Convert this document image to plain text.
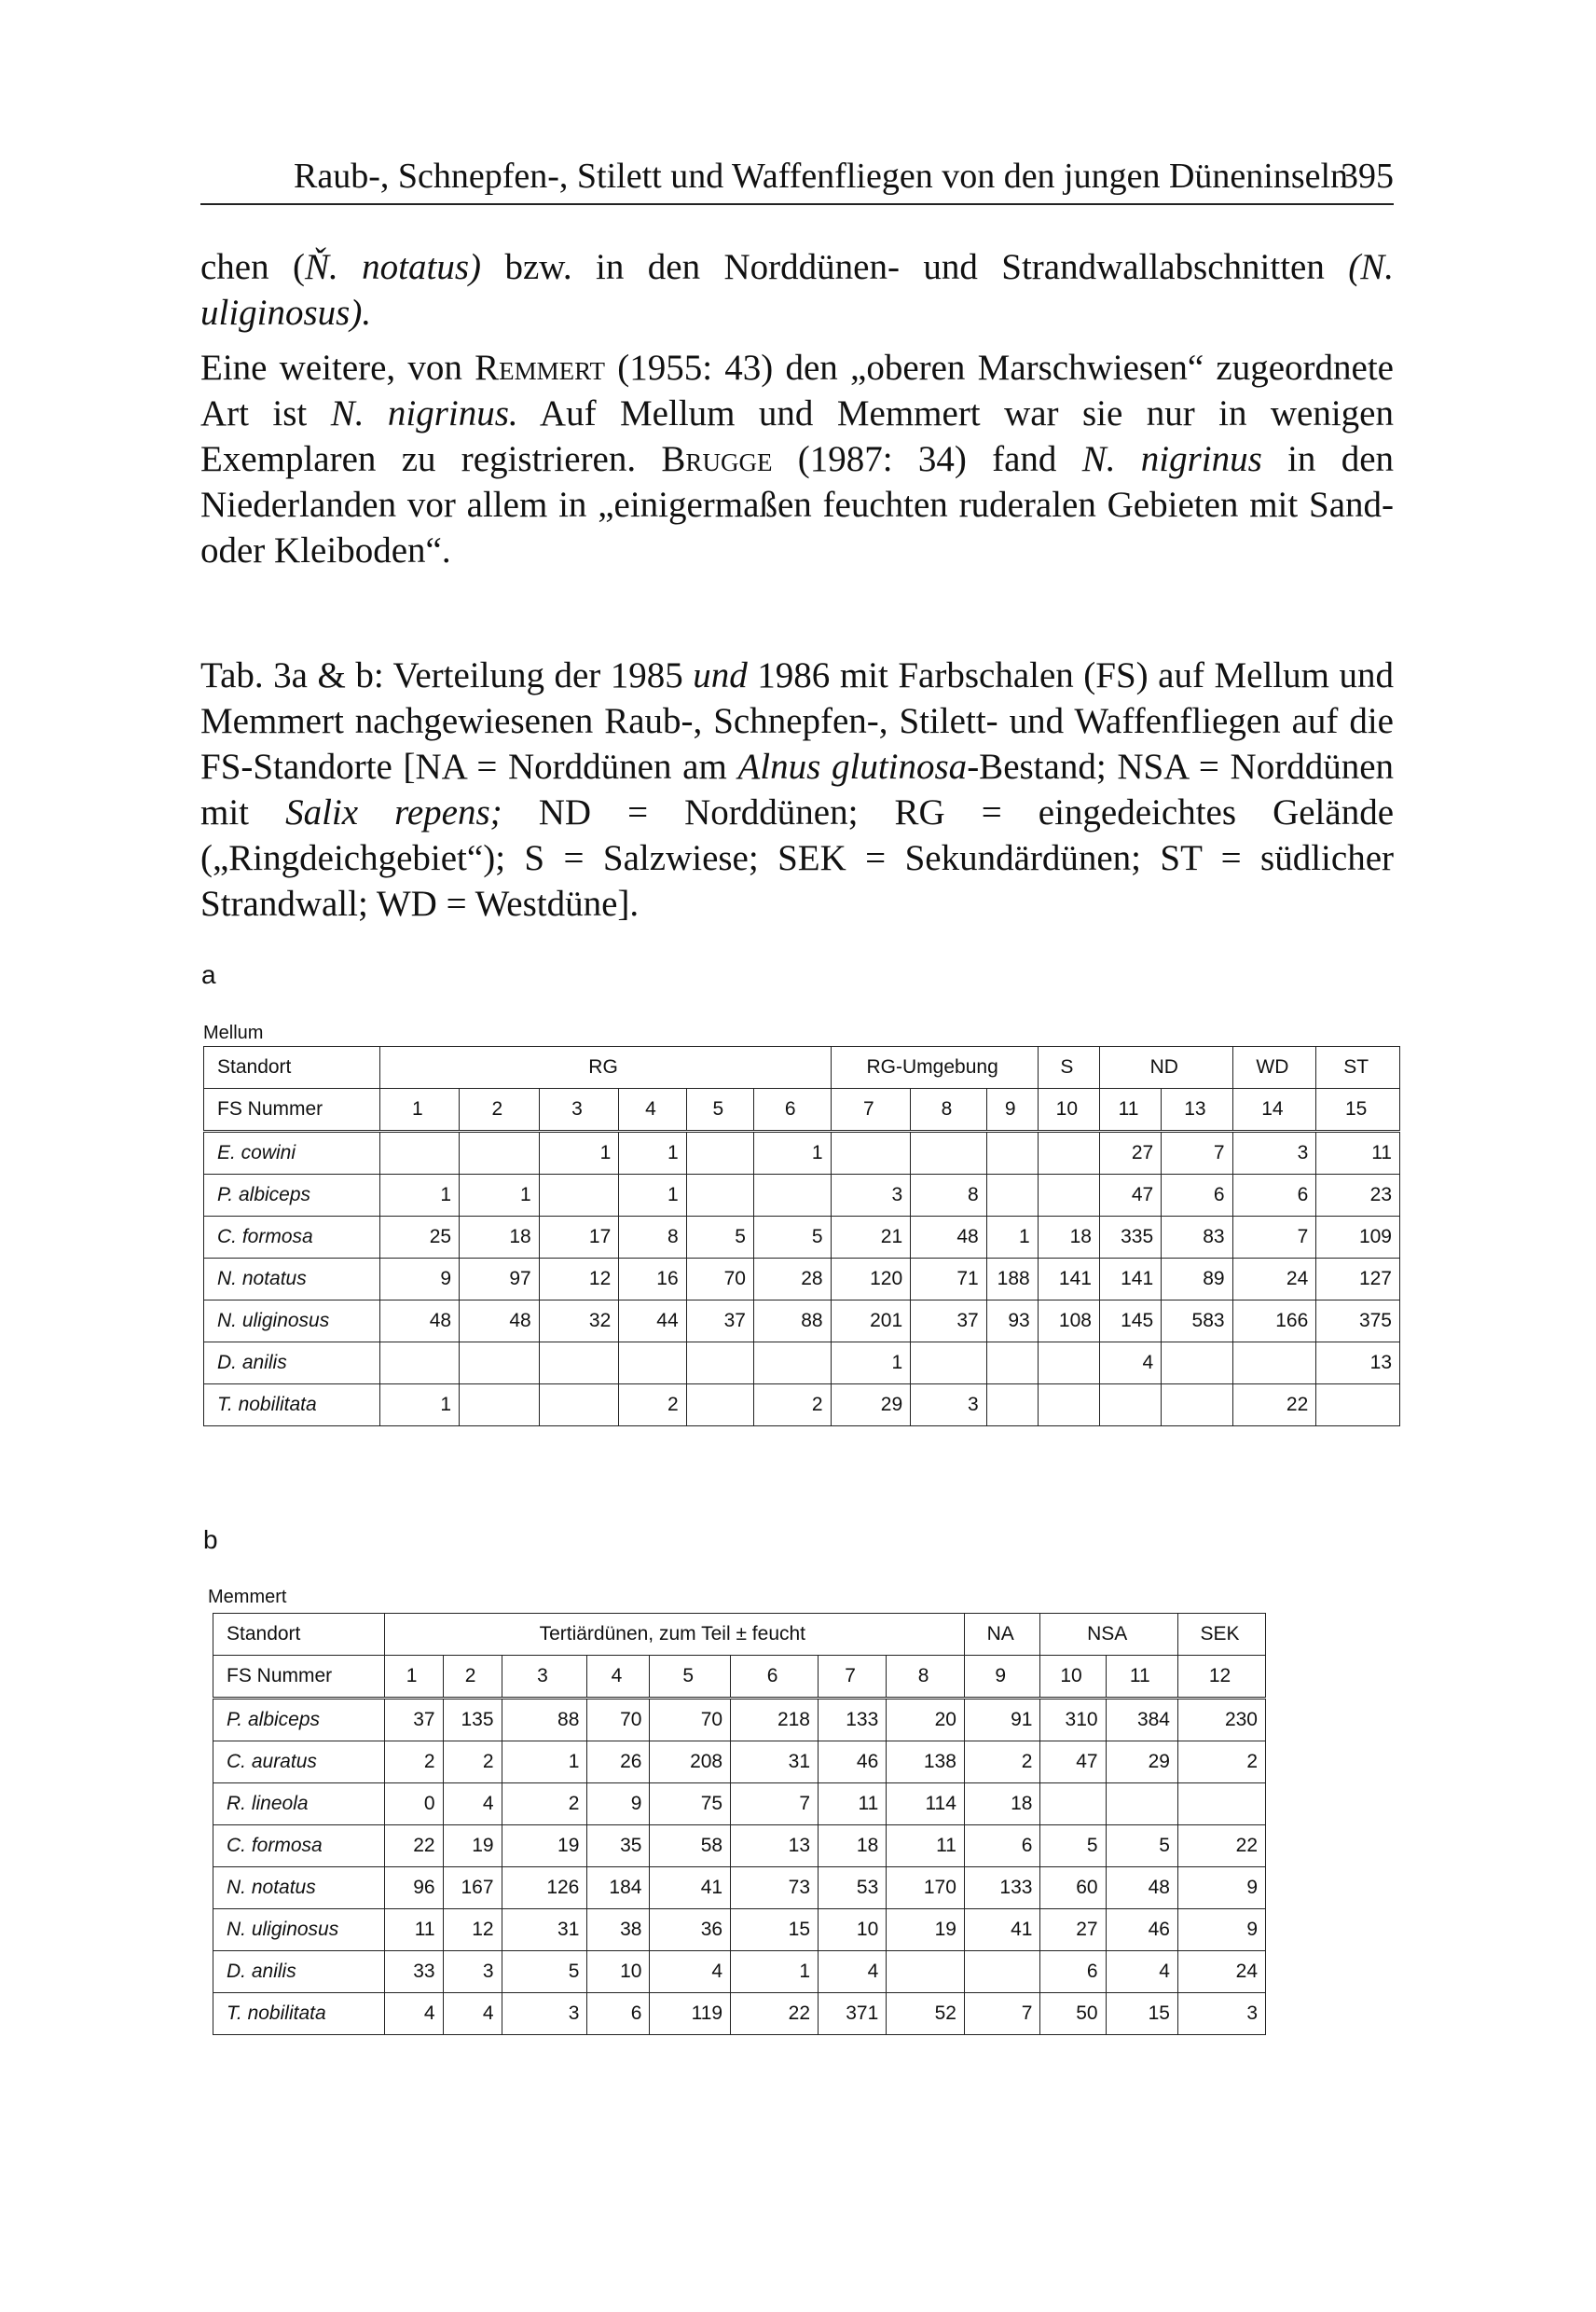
Raub-, Schnepfen-, Stilett und Waffenfliegen von den jungen Düneninseln
395

chen (Ň. notatus) bzw. in den Norddünen- und Strandwallabschnitten (N. uliginosus).

Eine weitere, von Remmert (1955: 43) den „oberen Marschwiesen“ zugeordnete Art ist N. nigrinus. Auf Mellum und Memmert war sie nur in wenigen Exemplaren zu registrieren. Brugge (1987: 34) fand N. nigrinus in den Niederlanden vor allem in „einigermaßen feuchten ruderalen Gebieten mit Sand- oder Kleiboden“.

Tab. 3a & b: Verteilung der 1985 und 1986 mit Farbschalen (FS) auf Mellum und Memmert nachgewiesenen Raub-, Schnepfen-, Stilett- und Waffenfliegen auf die FS-Standorte [NA = Norddünen am Alnus glutinosa-Bestand; NSA = Norddünen mit Salix repens; ND = Norddünen; RG = eingedeichtes Gelände („Ringdeichgebiet“); S = Salzwiese; SEK = Sekundärdünen; ST = südlicher Strandwall; WD = Westdüne].
a
Mellum
Standort	RG						RG-Umgebung			S	ND		WD	ST
FS Nummer	1	2	3	4	5	6	7	8	9	10	11	13	14	15
E. cowini			1	1		1					27	7	3	11
P. albiceps	1	1		1			3	8			47	6	6	23
C. formosa	25	18	17	8	5	5	21	48	1	18	335	83	7	109
N. notatus	9	97	12	16	70	28	120	71	188	141	141	89	24	127
N. uliginosus	48	48	32	44	37	88	201	37	93	108	145	583	166	375
D. anilis							1				4			13
T. nobilitata	1			2		2	29	3					22	
b
Memmert
Standort	Tertiärdünen, zum Teil ± feucht								NA	NSA		SEK
FS Nummer	1	2	3	4	5	6	7	8	9	10	11	12
P. albiceps	37	135	88	70	70	218	133	20	91	310	384	230
C. auratus	2	2	1	26	208	31	46	138	2	47	29	2
R. lineola	0	4	2	9	75	7	11	114	18			
C. formosa	22	19	19	35	58	13	18	11	6	5	5	22
N. notatus	96	167	126	184	41	73	53	170	133	60	48	9
N. uliginosus	11	12	31	38	36	15	10	19	41	27	46	9
D. anilis	33	3	5	10	4	1	4			6	4	24
T. nobilitata	4	4	3	6	119	22	371	52	7	50	15	3
